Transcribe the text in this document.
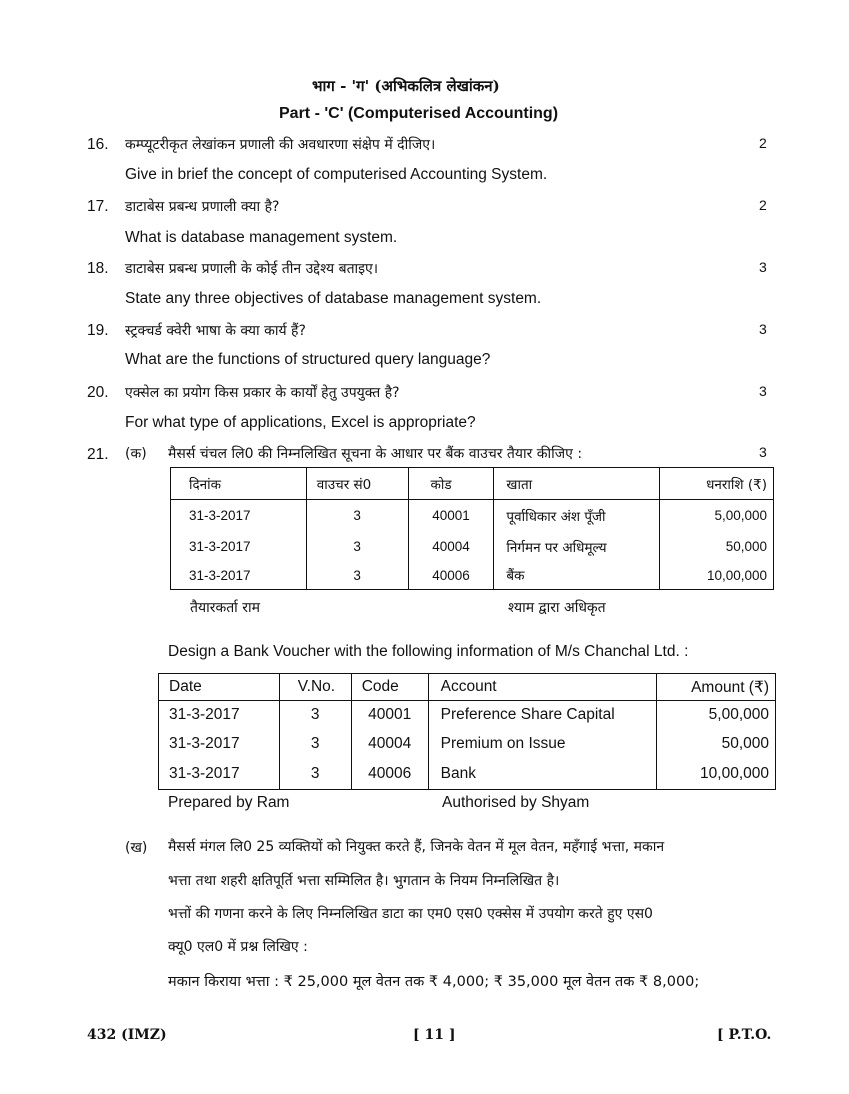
भाग - 'ग' (अभिकलित्र लेखांकन)
Part - 'C' (Computerised Accounting)
16. कम्प्यूटरीकृत लेखांकन प्रणाली की अवधारणा संक्षेप में दीजिए।	2
Give in brief the concept of computerised Accounting System.
17. डाटाबेस प्रबन्ध प्रणाली क्या है?	2
What is database management system.
18. डाटाबेस प्रबन्ध प्रणाली के कोई तीन उद्देश्य बताइए।	3
State any three objectives of database management system.
19. स्ट्रक्चर्ड क्वेरी भाषा के क्या कार्य हैं?	3
What are the functions of structured query language?
20. एक्सेल का प्रयोग किस प्रकार के कार्यों हेतु उपयुक्त है?	3
For what type of applications, Excel is appropriate?
21. (क) मैसर्स चंचल लि0 की निम्नलिखित सूचना के आधार पर बैंक वाउचर तैयार कीजिए :	3
दिनांक	वाउचर सं0	कोड	खाता	धनराशि (₹)
31-3-2017	3	40001	पूर्वाधिकार अंश पूँजी	5,00,000
31-3-2017	3	40004	निर्गमन पर अधिमूल्य	50,000
31-3-2017	3	40006	बैंक	10,00,000
तैयारकर्ता राम	श्याम द्वारा अधिकृत
Design a Bank Voucher with the following information of M/s Chanchal Ltd. :
Date	V.No.	Code	Account	Amount (₹)
31-3-2017	3	40001	Preference Share Capital	5,00,000
31-3-2017	3	40004	Premium on Issue	50,000
31-3-2017	3	40006	Bank	10,00,000
Prepared by Ram	Authorised by Shyam
(ख) मैसर्स मंगल लि0 25 व्यक्तियों को नियुक्त करते हैं, जिनके वेतन में मूल वेतन, महँगाई भत्ता, मकान
भत्ता तथा शहरी क्षतिपूर्ति भत्ता सम्मिलित है। भुगतान के नियम निम्नलिखित है।
भत्तों की गणना करने के लिए निम्नलिखित डाटा का एम0 एस0 एक्सेस में उपयोग करते हुए एस0
क्यू0 एल0 में प्रश्न लिखिए :
मकान किराया भत्ता : ₹ 25,000 मूल वेतन तक ₹ 4,000; ₹ 35,000 मूल वेतन तक ₹ 8,000;
432 (IMZ)	[ 11 ]	[ P.T.O.
